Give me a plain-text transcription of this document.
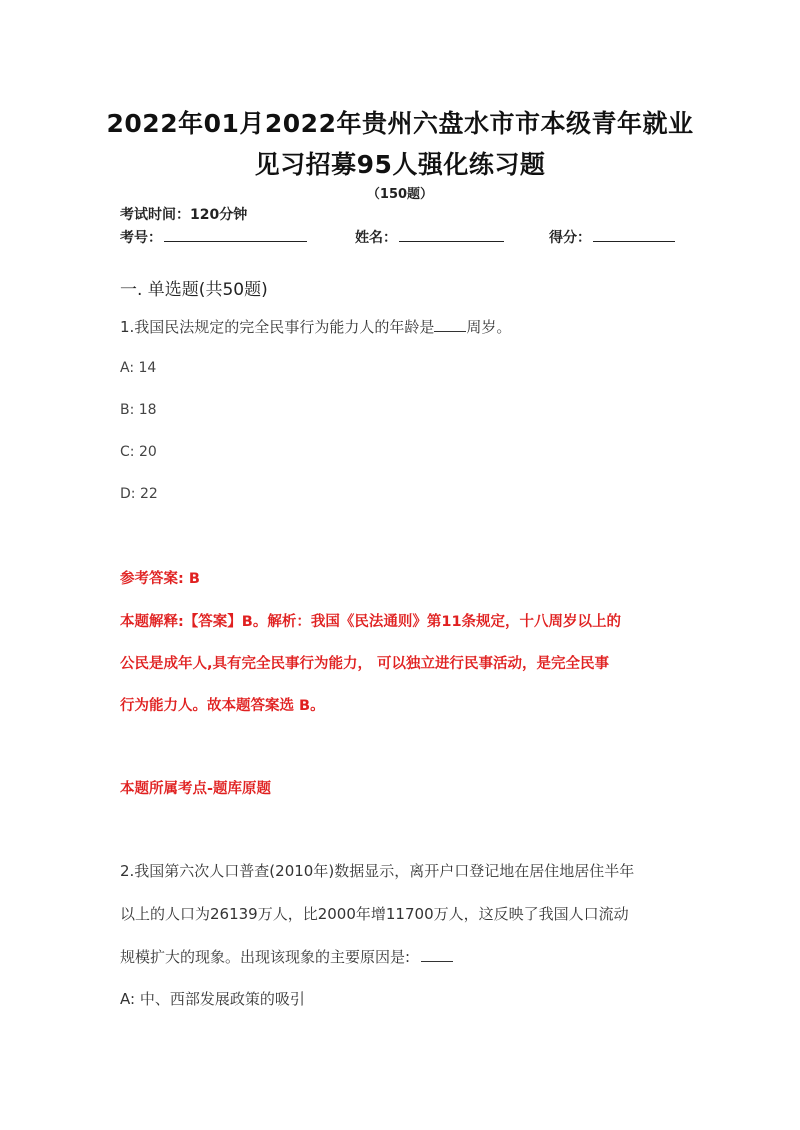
2022年01月2022年贵州六盘水市市本级青年就业
见习招募95人强化练习题
（150题）
考试时间：120分钟
考号：	姓名：	得分：
一. 单选题(共50题)
1.我国民法规定的完全民事行为能力人的年龄是 周岁。
A: 14
B: 18
C: 20
D: 22
参考答案: B
本题解释:【答案】B。解析：我国《民法通则》第11条规定，十八周岁以上的
公民是成年人,具有完全民事行为能力， 可以独立进行民事活动，是完全民事
行为能力人。故本题答案选 B。
本题所属考点-题库原题
2.我国第六次人口普查(2010年)数据显示，离开户口登记地在居住地居住半年
以上的人口为26139万人，比2000年增11700万人，这反映了我国人口流动
规模扩大的现象。出现该现象的主要原因是:
A: 中、西部发展政策的吸引
